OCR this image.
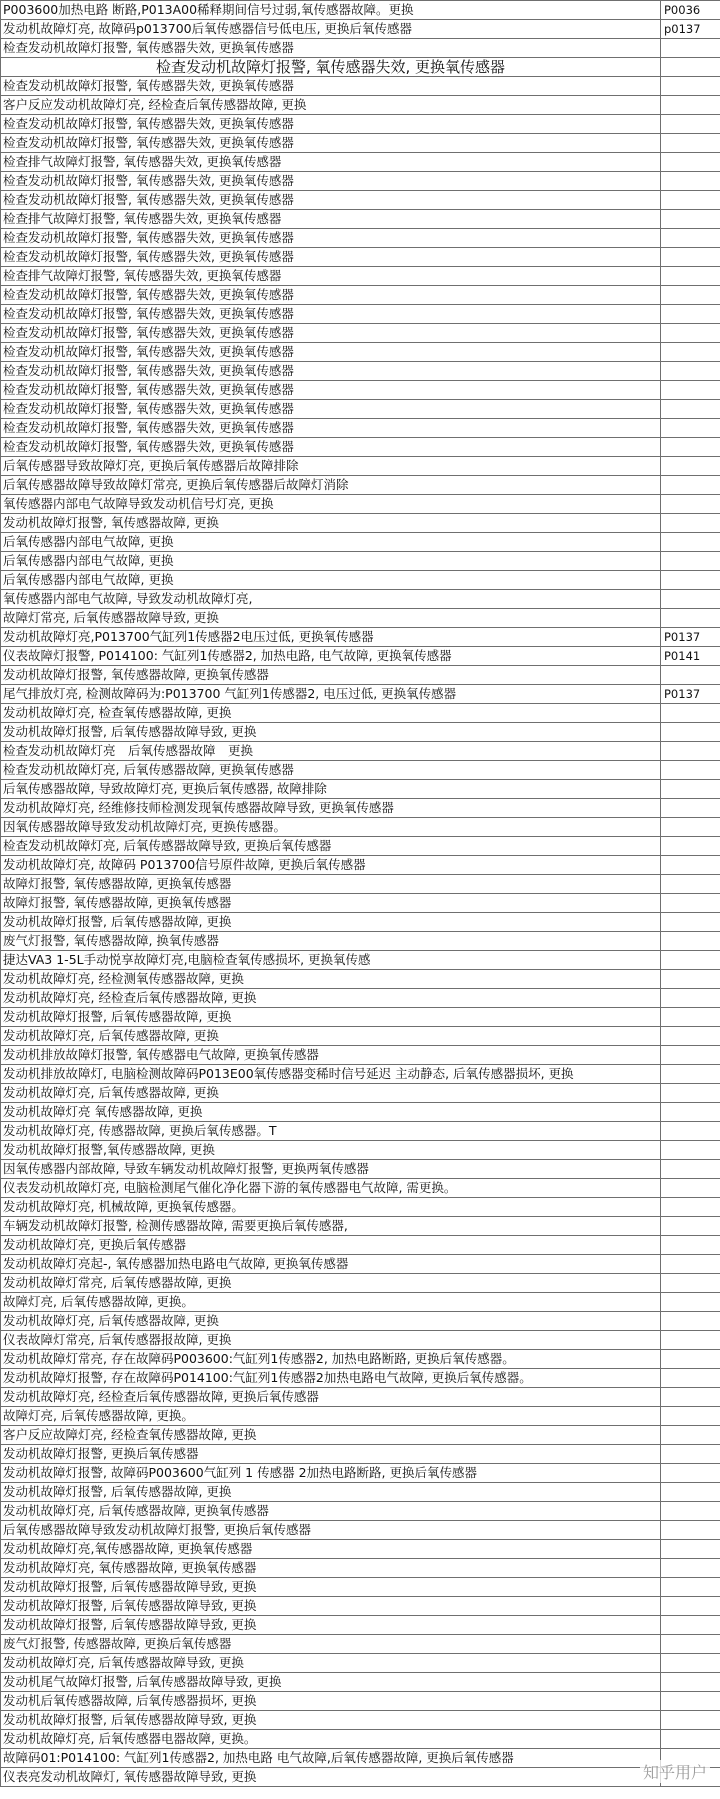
P003600加热电路 断路,P013A00稀释期间信号过弱,氧传感器故障。更换	P0036
发动机故障灯亮, 故障码p013700后氧传感器信号低电压, 更换后氧传感器	p0137
检查发动机故障灯报警, 氧传感器失效, 更换氧传感器	
检查发动机故障灯报警, 氧传感器失效, 更换氧传感器	
检查发动机故障灯报警, 氧传感器失效, 更换氧传感器	
客户反应发动机故障灯亮, 经检查后氧传感器故障, 更换	
检查发动机故障灯报警, 氧传感器失效, 更换氧传感器	
检查发动机故障灯报警, 氧传感器失效, 更换氧传感器	
检查排气故障灯报警, 氧传感器失效, 更换氧传感器	
检查发动机故障灯报警, 氧传感器失效, 更换氧传感器	
检查发动机故障灯报警, 氧传感器失效, 更换氧传感器	
检查排气故障灯报警, 氧传感器失效, 更换氧传感器	
检查发动机故障灯报警, 氧传感器失效, 更换氧传感器	
检查发动机故障灯报警, 氧传感器失效, 更换氧传感器	
检查排气故障灯报警, 氧传感器失效, 更换氧传感器	
检查发动机故障灯报警, 氧传感器失效, 更换氧传感器	
检查发动机故障灯报警, 氧传感器失效, 更换氧传感器	
检查发动机故障灯报警, 氧传感器失效, 更换氧传感器	
检查发动机故障灯报警, 氧传感器失效, 更换氧传感器	
检查发动机故障灯报警, 氧传感器失效, 更换氧传感器	
检查发动机故障灯报警, 氧传感器失效, 更换氧传感器	
检查发动机故障灯报警, 氧传感器失效, 更换氧传感器	
检查发动机故障灯报警, 氧传感器失效, 更换氧传感器	
检查发动机故障灯报警, 氧传感器失效, 更换氧传感器	
后氧传感器导致故障灯亮, 更换后氧传感器后故障排除	
后氧传感器故障导致故障灯常亮, 更换后氧传感器后故障灯消除	
氧传感器内部电气故障导致发动机信号灯亮, 更换	
发动机故障灯报警, 氧传感器故障, 更换	
后氧传感器内部电气故障, 更换	
后氧传感器内部电气故障, 更换	
后氧传感器内部电气故障, 更换	
氧传感器内部电气故障, 导致发动机故障灯亮,	
故障灯常亮, 后氧传感器故障导致, 更换	
发动机故障灯亮,P013700气缸列1传感器2电压过低, 更换氧传感器	P0137
仪表故障灯报警, P014100: 气缸列1传感器2, 加热电路, 电气故障, 更换氧传感器	P0141
发动机故障灯报警, 氧传感器故障, 更换氧传感器	
尾气排放灯亮, 检测故障码为:P013700 气缸列1传感器2, 电压过低, 更换氧传感器	P0137
发动机故障灯亮, 检查氧传感器故障, 更换	
发动机故障灯报警, 后氧传感器故障导致, 更换	
检查发动机故障灯亮　后氧传感器故障　更换	
检查发动机故障灯亮, 后氧传感器故障, 更换氧传感器	
后氧传感器故障, 导致故障灯亮, 更换后氧传感器, 故障排除	
发动机故障灯亮, 经维修技师检测发现氧传感器故障导致, 更换氧传感器	
因氧传感器故障导致发动机故障灯亮, 更换传感器。	
检查发动机故障灯亮, 后氧传感器故障导致, 更换后氧传感器	
发动机故障灯亮, 故障码 P013700信号原件故障, 更换后氧传感器	
故障灯报警, 氧传感器故障, 更换氧传感器	
故障灯报警, 氧传感器故障, 更换氧传感器	
发动机故障灯报警, 后氧传感器故障, 更换	
废气灯报警, 氧传感器故障, 换氧传感器	
捷达VA3 1-5L手动悦享故障灯亮,电脑检查氧传感损坏, 更换氧传感	
发动机故障灯亮, 经检测氧传感器故障, 更换	
发动机故障灯亮, 经检查后氧传感器故障, 更换	
发动机故障灯报警, 后氧传感器故障, 更换	
发动机故障灯亮, 后氧传感器故障, 更换	
发动机排放故障灯报警, 氧传感器电气故障, 更换氧传感器	
发动机排放故障灯, 电脑检测故障码P013E00氧传感器变稀时信号延迟 主动静态, 后氧传感器损坏, 更换	
发动机故障灯亮, 后氧传感器故障, 更换	
发动机故障灯亮 氧传感器故障, 更换	
发动机故障灯亮, 传感器故障, 更换后氧传感器。T	
发动机故障灯报警,氧传感器故障, 更换	
因氧传感器内部故障, 导致车辆发动机故障灯报警, 更换两氧传感器	
仪表发动机故障灯亮, 电脑检测尾气催化净化器下游的氧传感器电气故障, 需更换。	
发动机故障灯亮, 机械故障, 更换氧传感器。	
车辆发动机故障灯报警, 检测传感器故障, 需要更换后氧传感器,	
发动机故障灯亮, 更换后氧传感器	
发动机故障灯亮起-, 氧传感器加热电路电气故障, 更换氧传感器	
发动机故障灯常亮, 后氧传感器故障, 更换	
故障灯亮, 后氧传感器故障, 更换。	
发动机故障灯亮, 后氧传感器故障, 更换	
仪表故障灯常亮, 后氧传感器报故障, 更换	
发动机故障灯常亮, 存在故障码P003600:气缸列1传感器2, 加热电路断路, 更换后氧传感器。	
发动机故障灯报警, 存在故障码P014100:气缸列1传感器2加热电路电气故障, 更换后氧传感器。	
发动机故障灯亮, 经检查后氧传感器故障, 更换后氧传感器	
故障灯亮, 后氧传感器故障, 更换。	
客户反应故障灯亮, 经检查氧传感器故障, 更换	
发动机故障灯报警, 更换后氧传感器	
发动机故障灯报警, 故障码P003600气缸列 1 传感器 2加热电路断路, 更换后氧传感器	
发动机故障灯报警, 后氧传感器故障, 更换	
发动机故障灯亮, 后氧传感器故障, 更换氧传感器	
后氧传感器故障导致发动机故障灯报警, 更换后氧传感器	
发动机故障灯亮,氧传感器故障, 更换氧传感器	
发动机故障灯亮, 氧传感器故障, 更换氧传感器	
发动机故障灯报警, 后氧传感器故障导致, 更换	
发动机故障灯报警, 后氧传感器故障导致, 更换	
发动机故障灯报警, 后氧传感器故障导致, 更换	
废气灯报警, 传感器故障, 更换后氧传感器	
发动机故障灯亮, 后氧传感器故障导致, 更换	
发动机尾气故障灯报警, 后氧传感器故障导致, 更换	
发动机后氧传感器故障, 后氧传感器损坏, 更换	
发动机故障灯报警, 后氧传感器故障导致, 更换	
发动机故障灯亮, 后氧传感器电器故障, 更换。	
故障码01:P014100: 气缸列1传感器2, 加热电路 电气故障,后氧传感器故障, 更换后氧传感器	
仪表亮发动机故障灯, 氧传感器故障导致, 更换		知乎用户
